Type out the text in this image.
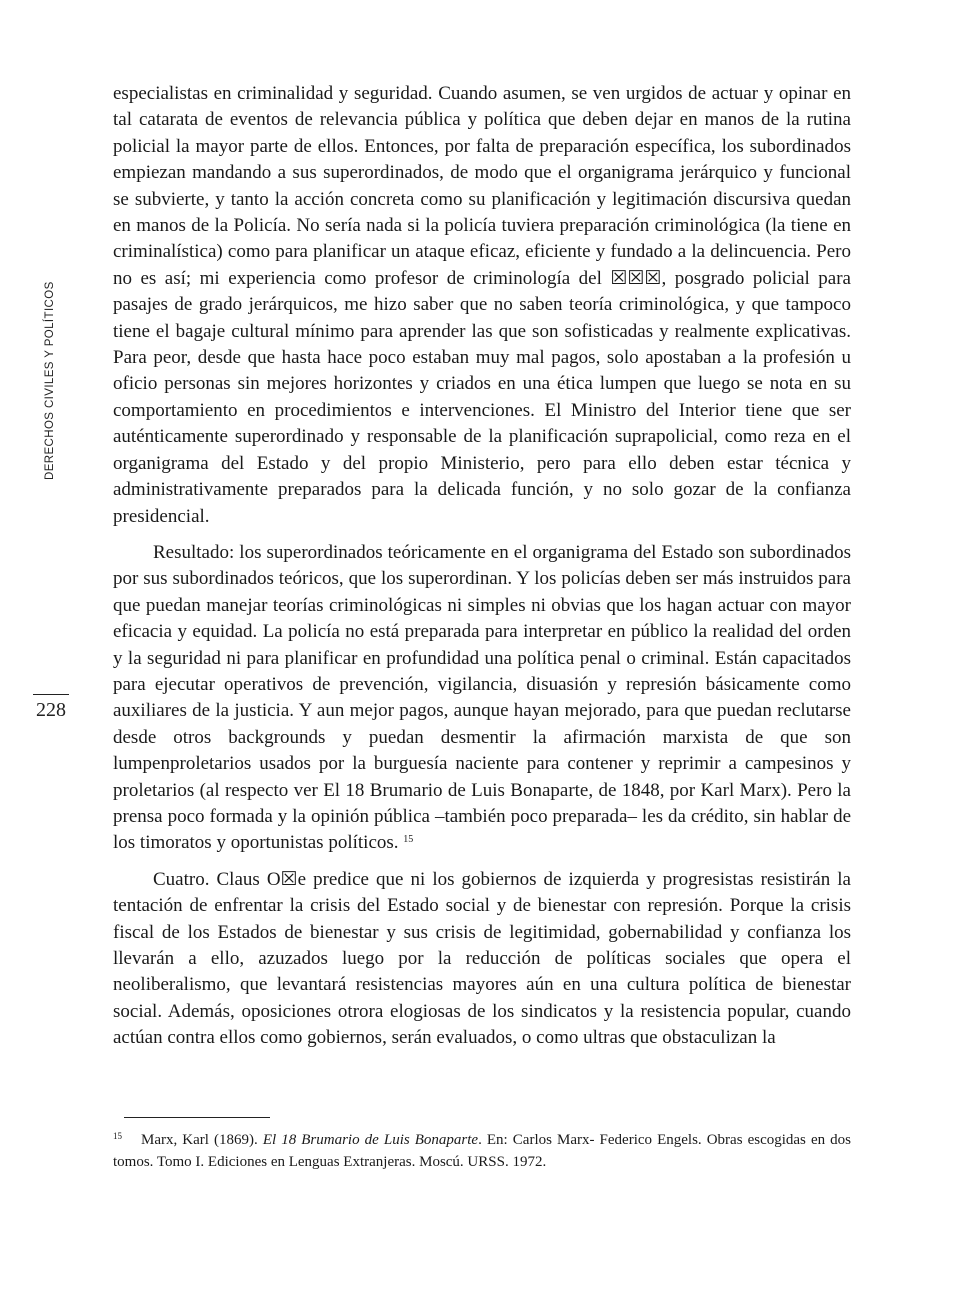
DERECHOS CIVILES Y POLÍTICOS
228

especialistas en criminalidad y seguridad. Cuando asumen, se ven urgidos de actuar y opinar en tal catarata de eventos de relevancia pública y política que deben dejar en manos de la rutina policial la mayor parte de ellos. Entonces, por falta de preparación específica, los subordinados empiezan mandando a sus superordinados, de modo que el organigrama jerárquico y funcional se subvierte, y tanto la acción concreta como su planificación y legitimación discursiva quedan en manos de la Policía. No sería nada si la policía tuviera preparación criminológica (la tiene en criminalística) como para planificar un ataque eficaz, eficiente y fundado a la delincuencia. Pero no es así; mi experiencia como profesor de criminología del ☒☒☒, posgrado policial para pasajes de grado jerárquicos, me hizo saber que no saben teoría criminológica, y que tampoco tiene el bagaje cultural mínimo para aprender las que son sofisticadas y realmente explicativas. Para peor, desde que hasta hace poco estaban muy mal pagos, solo apostaban a la profesión u oficio personas sin mejores horizontes y criados en una ética lumpen que luego se nota en su comportamiento en procedimientos e intervenciones. El Ministro del Interior tiene que ser auténticamente superordinado y responsable de la planificación suprapolicial, como reza en el organigrama del Estado y del propio Ministerio, pero para ello deben estar técnica y administrativamente preparados para la delicada función, y no solo gozar de la confianza presidencial.

Resultado: los superordinados teóricamente en el organigrama del Estado son subordinados por sus subordinados teóricos, que los superordinan. Y los policías deben ser más instruidos para que puedan manejar teorías criminológicas ni simples ni obvias que los hagan actuar con mayor eficacia y equidad. La policía no está preparada para interpretar en público la realidad del orden y la seguridad ni para planificar en profundidad una política penal o criminal. Están capacitados para ejecutar operativos de prevención, vigilancia, disuasión y represión básicamente como auxiliares de la justicia. Y aun mejor pagos, aunque hayan mejorado, para que puedan reclutarse desde otros backgrounds y puedan desmentir la afirmación marxista de que son lumpenproletarios usados por la burguesía naciente para contener y reprimir a campesinos y proletarios (al respecto ver El 18 Brumario de Luis Bonaparte, de 1848, por Karl Marx). Pero la prensa poco formada y la opinión pública –también poco preparada– les da crédito, sin hablar de los timoratos y oportunistas políticos. $^{15}$

Cuatro. Claus O☒e predice que ni los gobiernos de izquierda y progresistas resistirán la tentación de enfrentar la crisis del Estado social y de bienestar con represión. Porque la crisis fiscal de los Estados de bienestar y sus crisis de legitimidad, gobernabilidad y confianza los llevarán a ello, azuzados luego por la reducción de políticas sociales que opera el neoliberalismo, que levantará resistencias mayores aún en una cultura política de bienestar social. Además, oposiciones otrora elogiosas de los sindicatos y la resistencia popular, cuando actúan contra ellos como gobiernos, serán evaluados, o como ultras que obstaculizan la

15 Marx, Karl (1869). El 18 Brumario de Luis Bonaparte. En: Carlos Marx- Federico Engels. Obras escogidas en dos tomos. Tomo I. Ediciones en Lenguas Extranjeras. Moscú. URSS. 1972.
